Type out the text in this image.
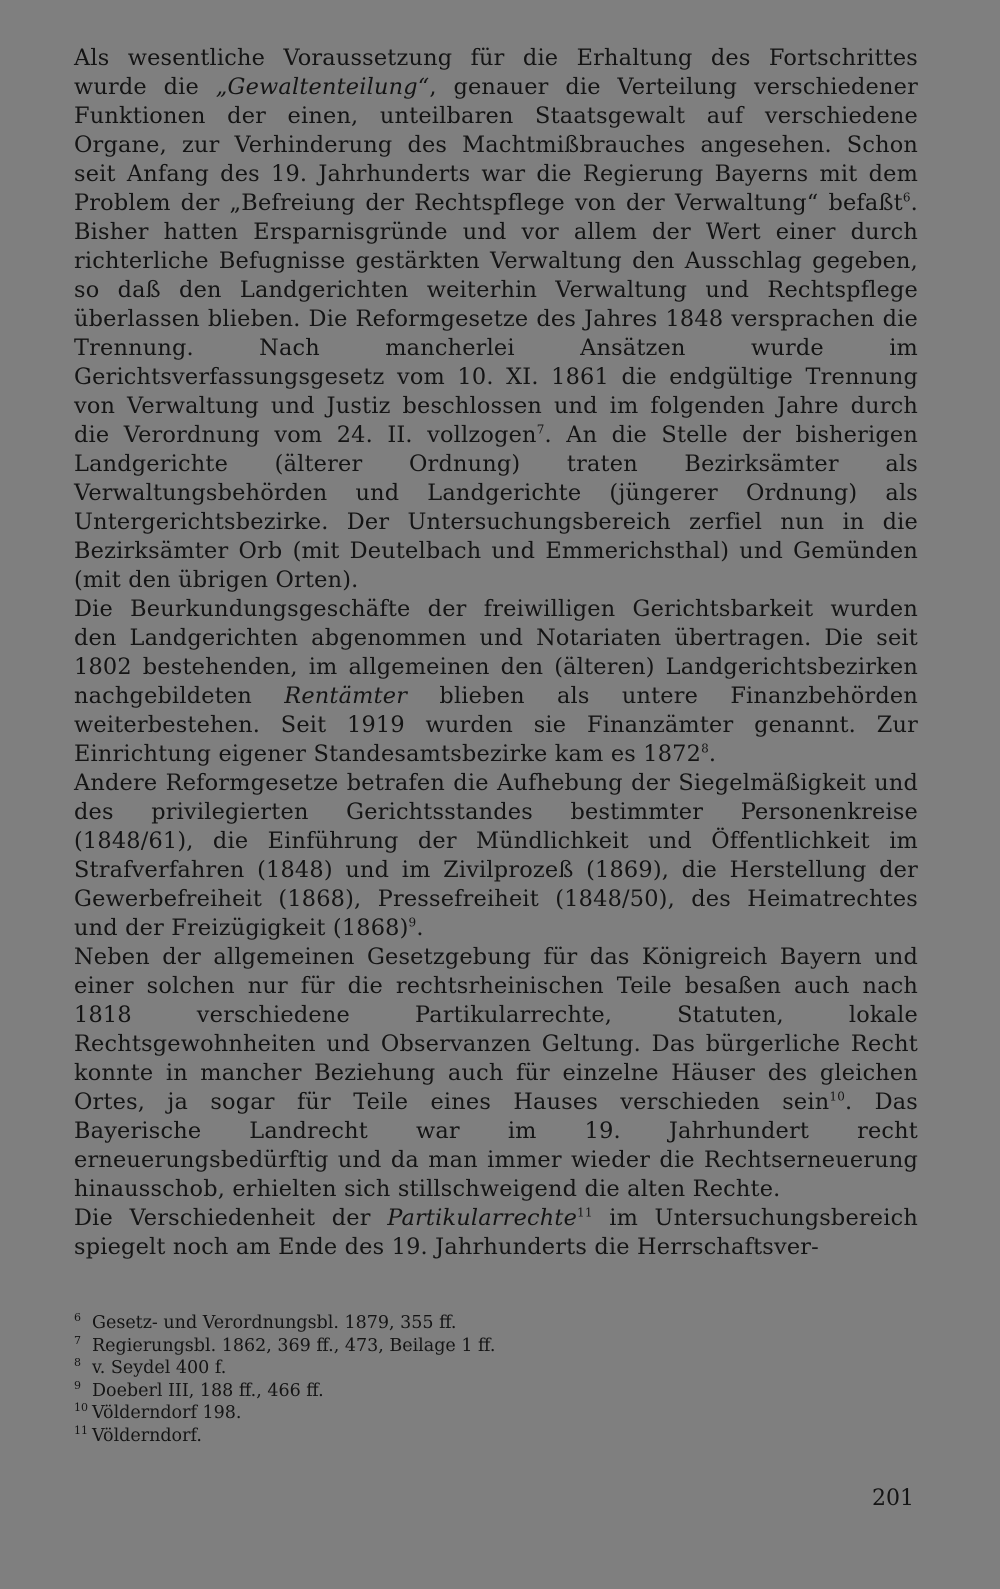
Als wesentliche Voraussetzung für die Erhaltung des Fortschrittes wurde die „Gewaltenteilung“, genauer die Verteilung verschiedener Funktionen der einen, unteilbaren Staatsgewalt auf verschiedene Organe, zur Verhinderung des Machtmißbrauches angesehen. Schon seit Anfang des 19. Jahrhunderts war die Regierung Bayerns mit dem Problem der „Befreiung der Rechtspflege von der Verwaltung“ befaßt$^6$. Bisher hatten Ersparnisgründe und vor allem der Wert einer durch richterliche Befugnisse gestärkten Verwaltung den Ausschlag gegeben, so daß den Landgerichten weiterhin Verwaltung und Rechtspflege überlassen blieben. Die Reformgesetze des Jahres 1848 versprachen die Trennung. Nach mancherlei Ansätzen wurde im Gerichtsverfassungsgesetz vom 10. XI. 1861 die endgültige Trennung von Verwaltung und Justiz beschlossen und im folgenden Jahre durch die Verordnung vom 24. II. vollzogen$^7$. An die Stelle der bisherigen Landgerichte (älterer Ordnung) traten Bezirksämter als Verwaltungsbehörden und Landgerichte (jüngerer Ordnung) als Untergerichtsbezirke. Der Untersuchungsbereich zerfiel nun in die Bezirksämter Orb (mit Deutelbach und Emmerichsthal) und Gemünden (mit den übrigen Orten).

Die Beurkundungsgeschäfte der freiwilligen Gerichtsbarkeit wurden den Landgerichten abgenommen und Notariaten übertragen. Die seit 1802 bestehenden, im allgemeinen den (älteren) Landgerichtsbezirken nachgebildeten Rentämter blieben als untere Finanzbehörden weiterbestehen. Seit 1919 wurden sie Finanzämter genannt. Zur Einrichtung eigener Standesamtsbezirke kam es 1872$^8$.

Andere Reformgesetze betrafen die Aufhebung der Siegelmäßigkeit und des privilegierten Gerichtsstandes bestimmter Personenkreise (1848/61), die Einführung der Mündlichkeit und Öffentlichkeit im Strafverfahren (1848) und im Zivilprozeß (1869), die Herstellung der Gewerbefreiheit (1868), Pressefreiheit (1848/50), des Heimatrechtes und der Freizügigkeit $(1868)^9$.

Neben der allgemeinen Gesetzgebung für das Königreich Bayern und einer solchen nur für die rechtsrheinischen Teile besaßen auch nach 1818 verschiedene Partikularrechte, Statuten, lokale Rechtsgewohnheiten und Observanzen Geltung. Das bürgerliche Recht konnte in mancher Beziehung auch für einzelne Häuser des gleichen Ortes, ja sogar für Teile eines Hauses verschieden sein$^{10}$. Das Bayerische Landrecht war im 19. Jahrhundert recht erneuerungsbedürftig und da man immer wieder die Rechtserneuerung hinausschob, erhielten sich stillschweigend die alten Rechte.

Die Verschiedenheit der Partikularrechte$^{11}$ im Untersuchungsbereich spiegelt noch am Ende des 19. Jahrhunderts die Herrschaftsver-

6 Gesetz- und Verordnungsbl. 1879, 355 ff.
7 Regierungsbl. 1862, 369 ff., 473, Beilage 1 ff.
8 v. Seydel 400 f.
9 Doeberl III, 188 ff., 466 ff.
10 Völderndorf 198.
11 Völderndorf.
201
